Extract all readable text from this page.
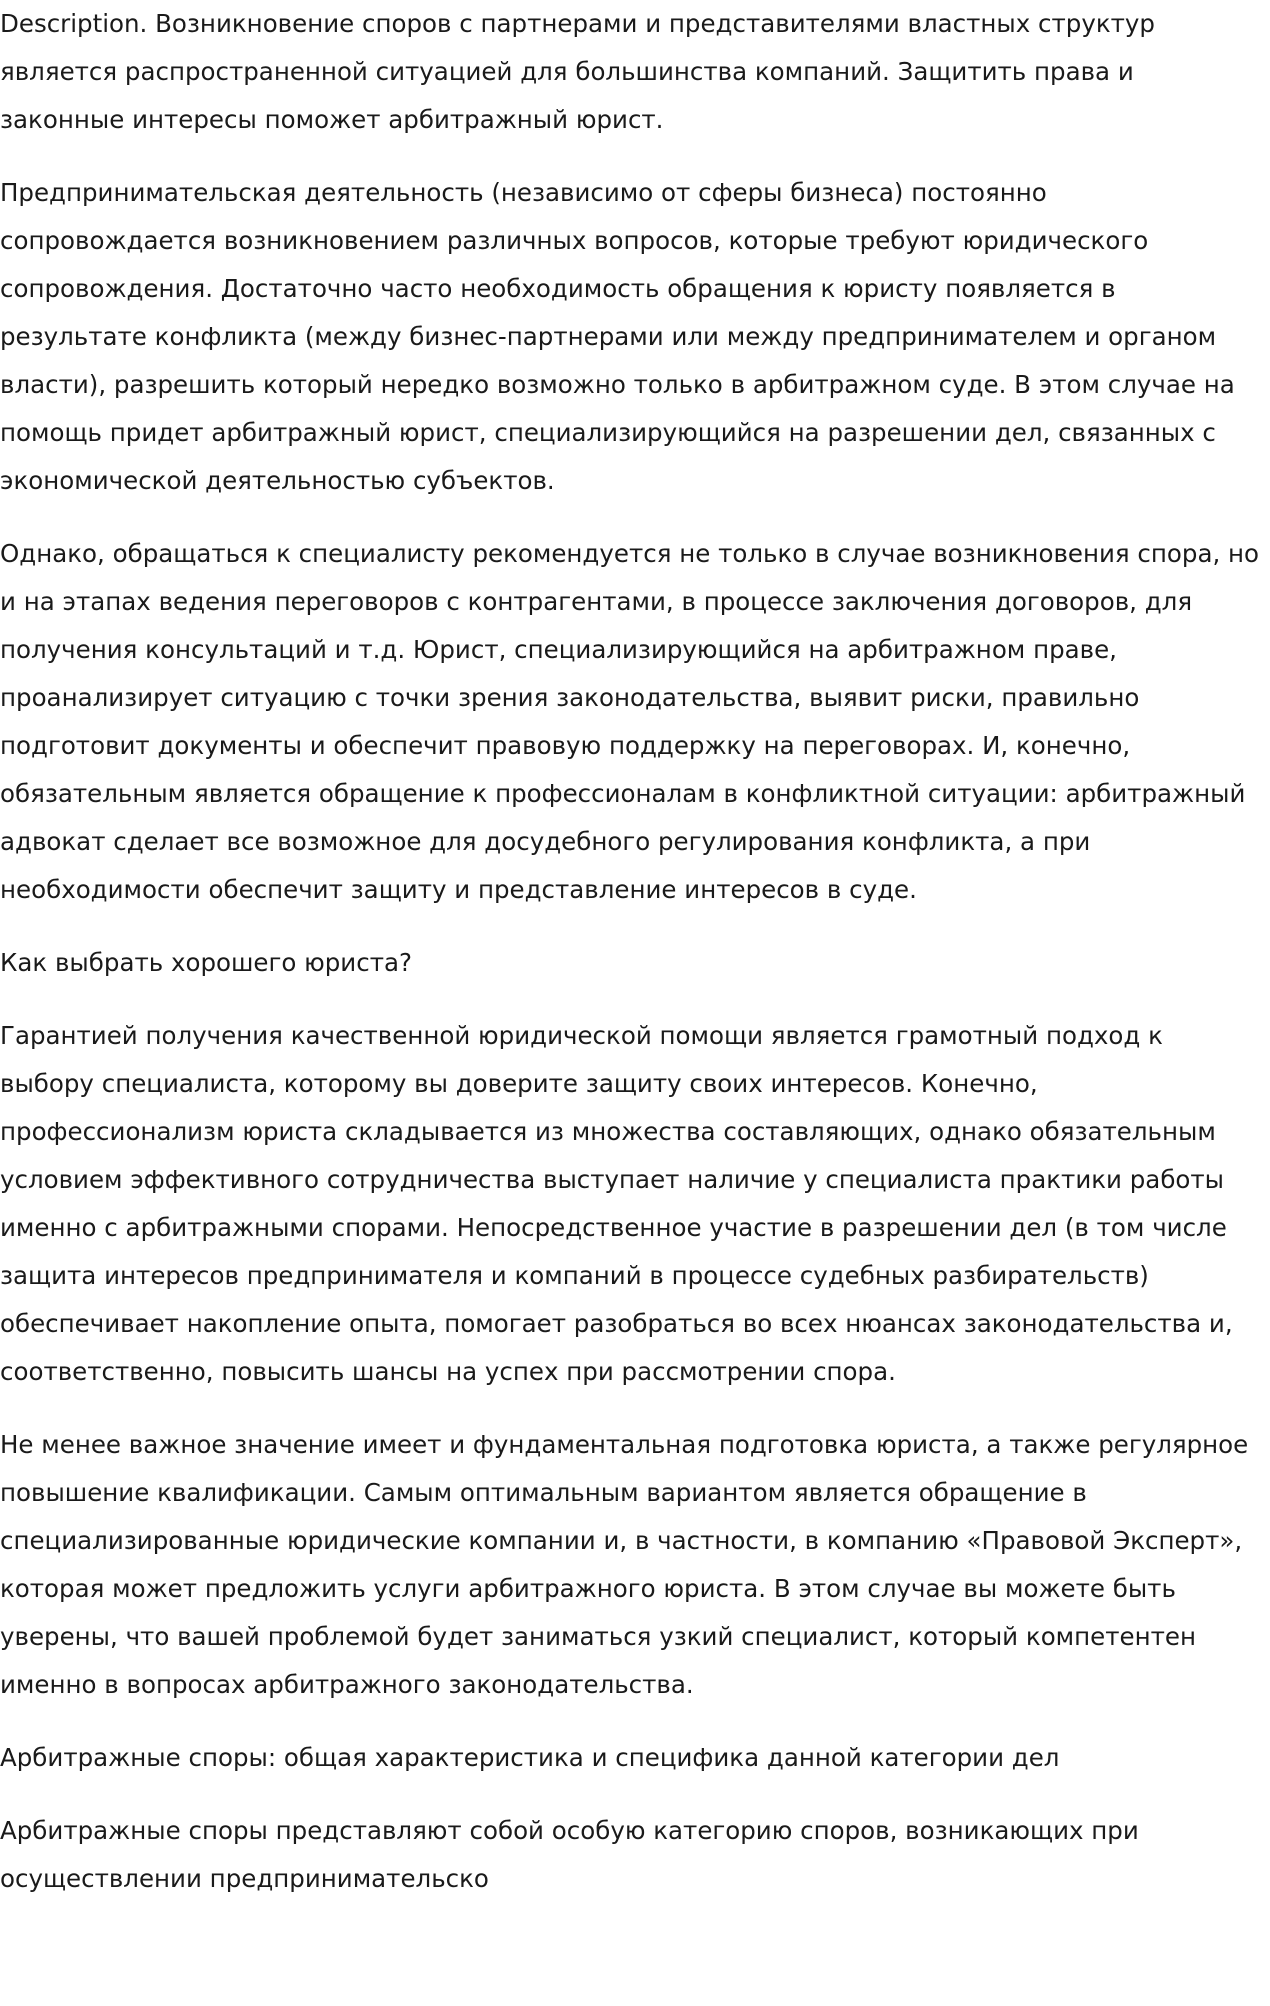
Description. Возникновение споров с партнерами и представителями властных структур является распространенной ситуацией для большинства компаний. Защитить права и законные интересы поможет арбитражный юрист.

Предпринимательская деятельность (независимо от сферы бизнеса) постоянно сопровождается возникновением различных вопросов, которые требуют юридического сопровождения. Достаточно часто необходимость обращения к юристу появляется в результате конфликта (между бизнес-партнерами или между предпринимателем и органом власти), разрешить который нередко возможно только в арбитражном суде. В этом случае на помощь придет арбитражный юрист, специализирующийся на разрешении дел, связанных с экономической деятельностью субъектов.

Однако, обращаться к специалисту рекомендуется не только в случае возникновения спора, но и на этапах ведения переговоров с контрагентами, в процессе заключения договоров, для получения консультаций и т.д. Юрист, специализирующийся на арбитражном праве, проанализирует ситуацию с точки зрения законодательства, выявит риски, правильно подготовит документы и обеспечит правовую поддержку на переговорах. И, конечно, обязательным является обращение к профессионалам в конфликтной ситуации: арбитражный адвокат сделает все возможное для досудебного регулирования конфликта, а при необходимости обеспечит защиту и представление интересов в суде.

Как выбрать хорошего юриста?

Гарантией получения качественной юридической помощи является грамотный подход к выбору специалиста, которому вы доверите защиту своих интересов. Конечно, профессионализм юриста складывается из множества составляющих, однако обязательным условием эффективного сотрудничества выступает наличие у специалиста практики работы именно с арбитражными спорами. Непосредственное участие в разрешении дел (в том числе защита интересов предпринимателя и компаний в процессе судебных разбирательств) обеспечивает накопление опыта, помогает разобраться во всех нюансах законодательства и, соответственно, повысить шансы на успех при рассмотрении спора.

Не менее важное значение имеет и фундаментальная подготовка юриста, а также регулярное повышение квалификации. Самым оптимальным вариантом является обращение в специализированные юридические компании и, в частности, в компанию «Правовой Эксперт», которая может предложить услуги арбитражного юриста. В этом случае вы можете быть уверены, что вашей проблемой будет заниматься узкий специалист, который компетентен именно в вопросах арбитражного законодательства.

Арбитражные споры: общая характеристика и специфика данной категории дел

Арбитражные споры представляют собой особую категорию споров, возникающих при осуществлении предпринимательско
